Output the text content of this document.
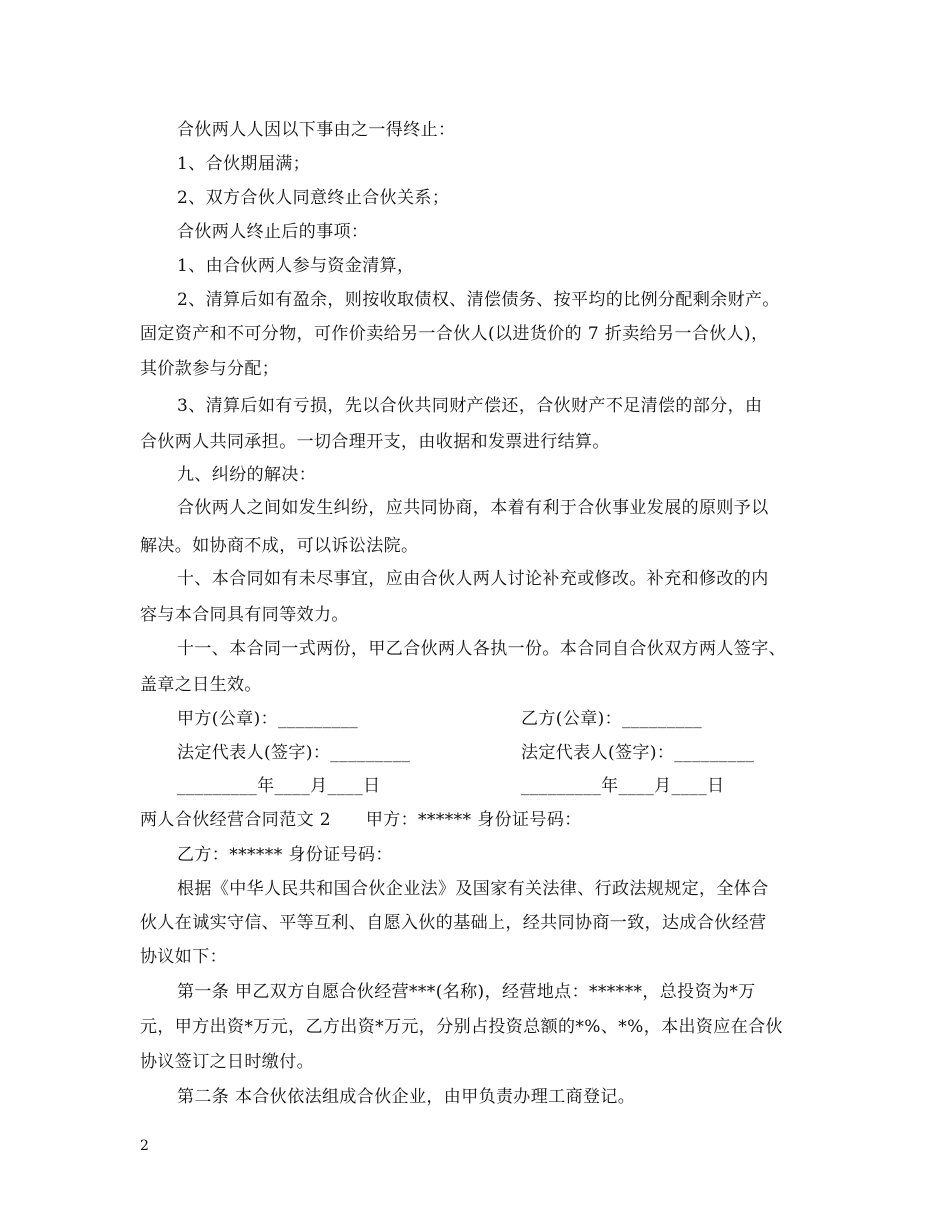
合伙两人人因以下事由之一得终止：
1、合伙期届满；
2、双方合伙人同意终止合伙关系；
合伙两人终止后的事项：
1、由合伙两人参与资金清算，
2、清算后如有盈余，则按收取债权、清偿债务、按平均的比例分配剩余财产。
固定资产和不可分物，可作价卖给另一合伙人(以进货价的 7 折卖给另一合伙人)，
其价款参与分配；
3、清算后如有亏损，先以合伙共同财产偿还，合伙财产不足清偿的部分，由
合伙两人共同承担。一切合理开支，由收据和发票进行结算。
九、纠纷的解决：
合伙两人之间如发生纠纷，应共同协商，本着有利于合伙事业发展的原则予以
解决。如协商不成，可以诉讼法院。
十、本合同如有未尽事宜，应由合伙人两人讨论补充或修改。补充和修改的内
容与本合同具有同等效力。
十一、本合同一式两份，甲乙合伙两人各执一份。本合同自合伙双方两人签字、
盖章之日生效。
甲方(公章)：_________	乙方(公章)：_________
法定代表人(签字)：_________	法定代表人(签字)：_________
_________年____月____日	_________年____月____日
两人合伙经营合同范文 2　　甲方：****** 身份证号码：
乙方：****** 身份证号码：
根据《中华人民共和国合伙企业法》及国家有关法律、行政法规规定，全体合
伙人在诚实守信、平等互利、自愿入伙的基础上，经共同协商一致，达成合伙经营
协议如下：
第一条 甲乙双方自愿合伙经营***(名称)，经营地点：******，总投资为*万
元，甲方出资*万元，乙方出资*万元，分别占投资总额的*%、*%，本出资应在合伙
协议签订之日时缴付。
第二条 本合伙依法组成合伙企业，由甲负责办理工商登记。
2
